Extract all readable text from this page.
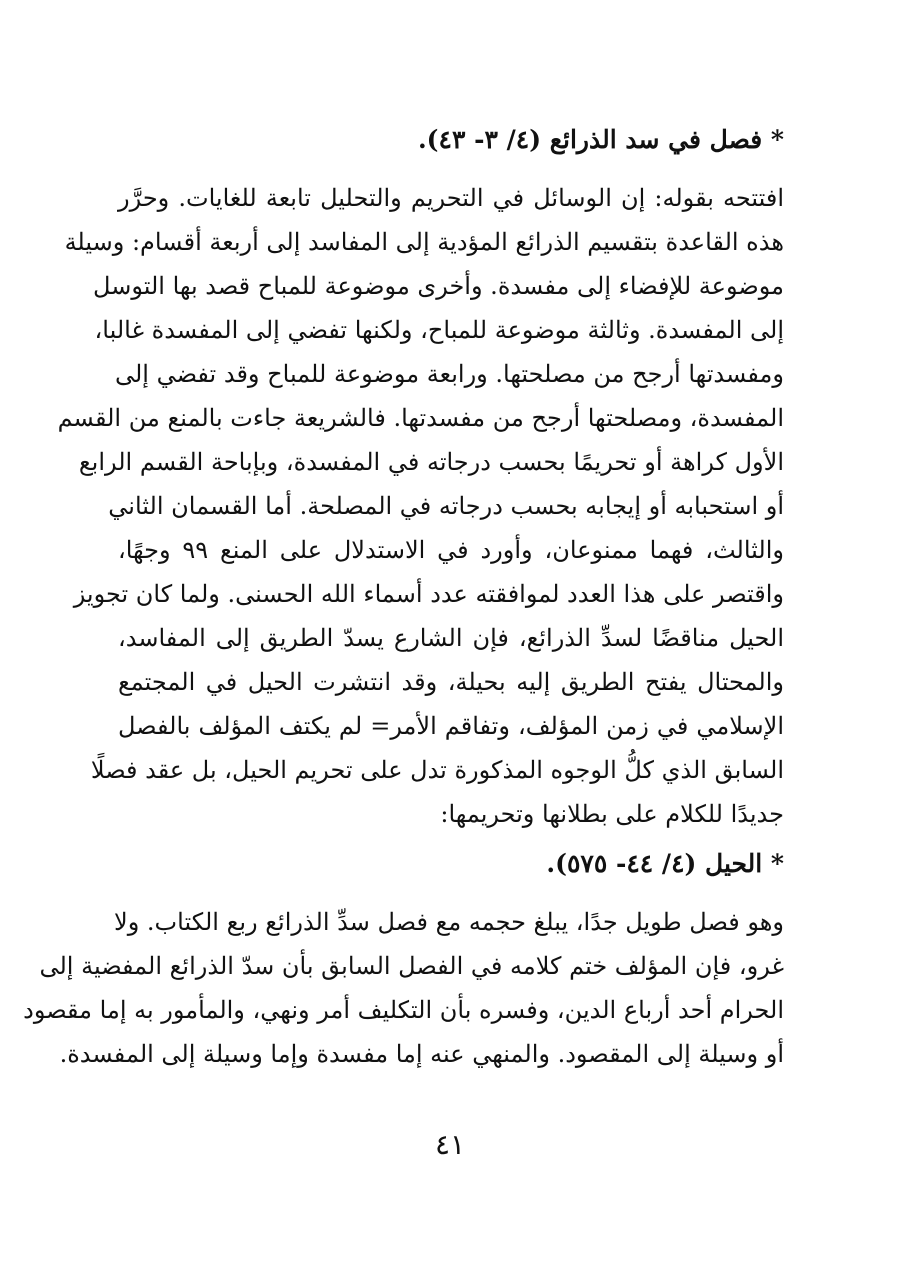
* فصل في سد الذرائع (٤/ ٣- ٤٣).
افتتحه بقوله: إن الوسائل في التحريم والتحليل تابعة للغايات. وحرَّر
هذه القاعدة بتقسيم الذرائع المؤدية إلى المفاسد إلى أربعة أقسام: وسيلة
موضوعة للإفضاء إلى مفسدة. وأخرى موضوعة للمباح قصد بها التوسل
إلى المفسدة. وثالثة موضوعة للمباح، ولكنها تفضي إلى المفسدة غالبا،
ومفسدتها أرجح من مصلحتها. ورابعة موضوعة للمباح وقد تفضي إلى
المفسدة، ومصلحتها أرجح من مفسدتها. فالشريعة جاءت بالمنع من القسم
الأول كراهة أو تحريمًا بحسب درجاته في المفسدة، وبإباحة القسم الرابع
أو استحبابه أو إيجابه بحسب درجاته في المصلحة. أما القسمان الثاني
والثالث، فهما ممنوعان، وأورد في الاستدلال على المنع ٩٩ وجهًا،
واقتصر على هذا العدد لموافقته عدد أسماء الله الحسنى. ولما كان تجويز
الحيل مناقضًا لسدِّ الذرائع، فإن الشارع يسدّ الطريق إلى المفاسد،
والمحتال يفتح الطريق إليه بحيلة، وقد انتشرت الحيل في المجتمع
الإسلامي في زمن المؤلف، وتفاقم الأمر= لم يكتف المؤلف بالفصل
السابق الذي كلُّ الوجوه المذكورة تدل على تحريم الحيل، بل عقد فصلًا
جديدًا للكلام على بطلانها وتحريمها:
* الحيل (٤/ ٤٤- ٥٧٥).
وهو فصل طويل جدًا، يبلغ حجمه مع فصل سدِّ الذرائع ربع الكتاب. ولا
غرو، فإن المؤلف ختم كلامه في الفصل السابق بأن سدّ الذرائع المفضية إلى
الحرام أحد أرباع الدين، وفسره بأن التكليف أمر ونهي، والمأمور به إما مقصود
أو وسيلة إلى المقصود. والمنهي عنه إما مفسدة وإما وسيلة إلى المفسدة.
٤١
